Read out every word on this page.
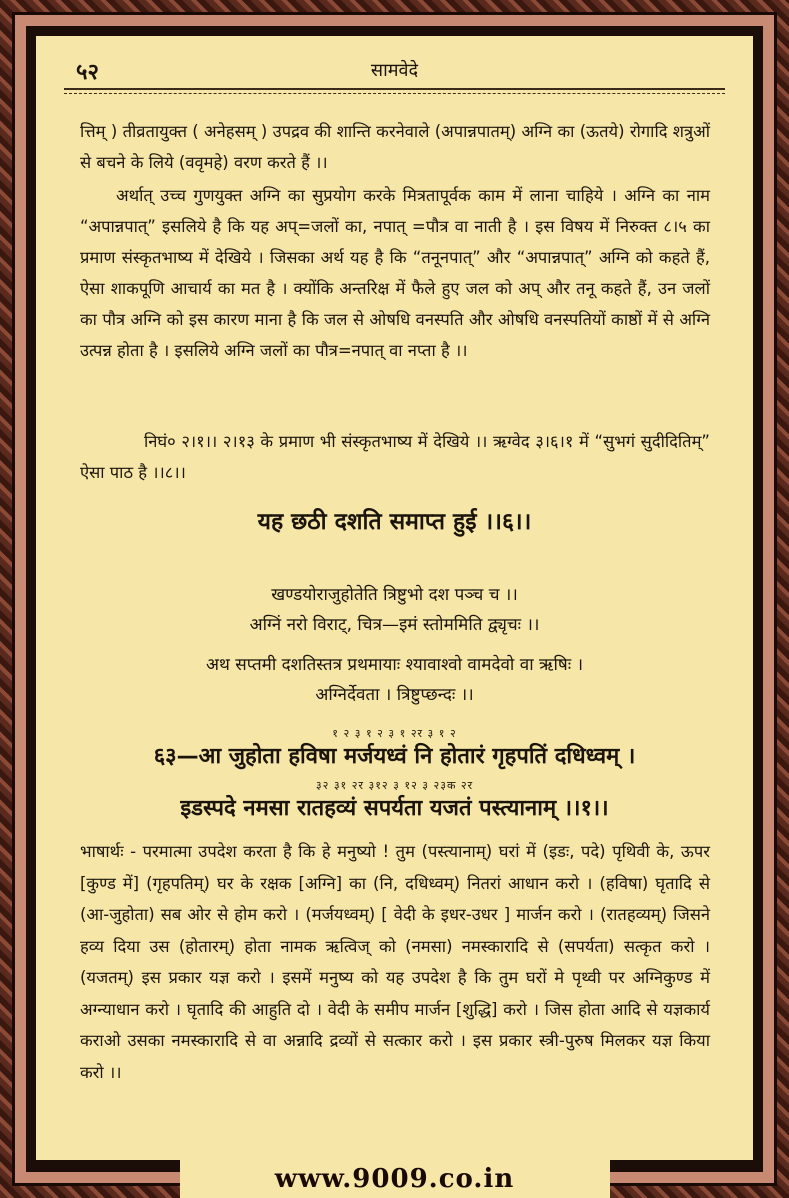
५२	सामवेदे
त्तिम् ) तीव्रतायुक्त ( अनेहसम् ) उपद्रव की शान्ति करनेवाले (अपान्नपातम्) अग्नि का (ऊतये) रोगादि शत्रुओं से बचने के लिये (ववृमहे) वरण करते हैं ।।
अर्थात् उच्च गुणयुक्त अग्नि का सुप्रयोग करके मित्रतापूर्वक काम में लाना चाहिये । अग्नि का नाम “अपान्नपात्” इसलिये है कि यह अप्=जलों का, नपात् =पौत्र वा नाती है । इस विषय में निरुक्त ८।५ का प्रमाण संस्कृतभाष्य में देखिये । जिसका अर्थ यह है कि “तनूनपात्” और “अपान्नपात्” अग्नि को कहते हैं, ऐसा शाकपूणि आचार्य का मत है । क्योंकि अन्तरिक्ष में फैले हुए जल को अप् और तनू कहते हैं, उन जलों का पौत्र अग्नि को इस कारण माना है कि जल से ओषधि वनस्पति और ओषधि वनस्पतियों काष्ठों में से अग्नि उत्पन्न होता है । इसलिये अग्नि जलों का पौत्र=नपात् वा नप्ता है ।।
निघं० २।१।। २।१३ के प्रमाण भी संस्कृतभाष्य में देखिये ।। ऋग्वेद ३।६।१ में “सुभगं सुदीदितिम्” ऐसा पाठ है ।।८।।
यह छठी दशति समाप्त हुई ।।६।।
खण्डयोराजुहोतेति त्रिष्टुभो दश पञ्च च ।।
अग्निं नरो विराट्, चित्र—इमं स्तोममिति द्व्यृचः ।।
अथ सप्तमी दशतिस्तत्र प्रथमायाः श्यावाश्वो वामदेवो वा ऋषिः ।
अग्निर्देवता । त्रिष्टुप्छन्दः ।।
१ २ ३ १ २ ३ १ २र ३ १ २
६३—आ जुहोता हविषा मर्जयध्वं नि होतारं गृहपतिं दधिध्वम् ।
३२ ३१ २र ३१२ ३ १२ ३ २३क २र
इडस्पदे नमसा रातहव्यं सपर्यता यजतं पस्त्यानाम् ।।१।।
भाषार्थः - परमात्मा उपदेश करता है कि हे मनुष्यो ! तुम (पस्त्यानाम्) घरां में (इडः, पदे) पृथिवी के, ऊपर [कुण्ड में] (गृहपतिम्) घर के रक्षक [अग्नि] का (नि, दधिध्वम्) नितरां आधान करो । (हविषा) घृतादि से (आ-जुहोता) सब ओर से होम करो । (मर्जयध्वम्) [ वेदी के इधर-उधर ] मार्जन करो । (रातहव्यम्) जिसने हव्य दिया उस (होतारम्) होता नामक ऋत्विज् को (नमसा) नमस्कारादि से (सपर्यता) सत्कृत करो । (यजतम्) इस प्रकार यज्ञ करो । इसमें मनुष्य को यह उपदेश है कि तुम घरों मे पृथ्वी पर अग्निकुण्ड में अग्न्याधान करो । घृतादि की आहुति दो । वेदी के समीप मार्जन [शुद्धि] करो । जिस होता आदि से यज्ञकार्य कराओ उसका नमस्कारादि से वा अन्नादि द्रव्यों से सत्कार करो । इस प्रकार स्त्री-पुरुष मिलकर यज्ञ किया करो ।।
www.9009.co.in
